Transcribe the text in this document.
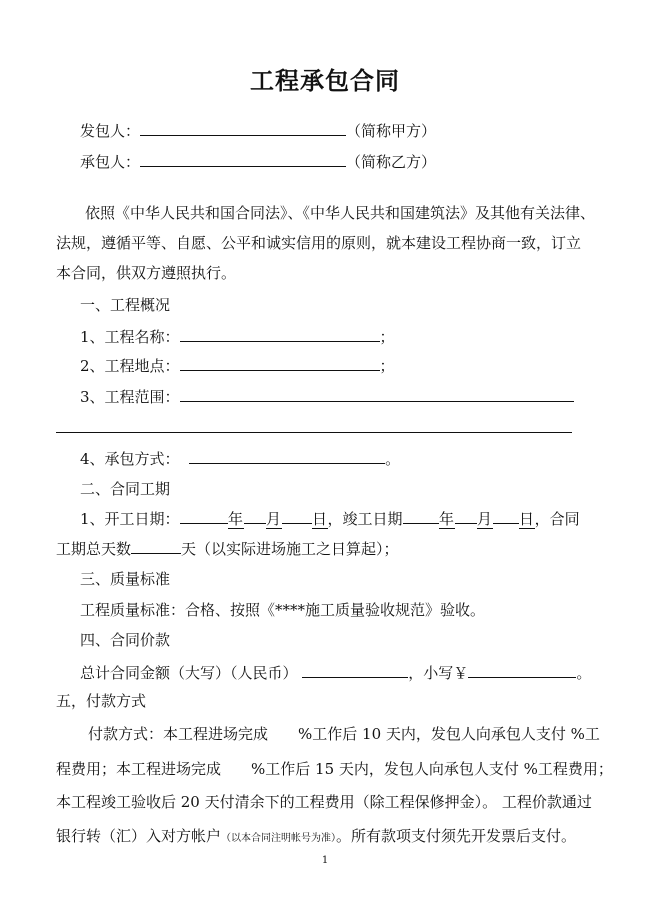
工程承包合同
发包人：	（简称甲方）
承包人：	（简称乙方）
依照《中华人民共和国合同法》、《中华人民共和国建筑法》及其他有关法律、
法规，遵循平等、自愿、公平和诚实信用的原则，就本建设工程协商一致，订立
本合同，供双方遵照执行。
一、工程概况
1、工程名称：	；
2、工程地点：	；
3、工程范围：
4、承包方式：	。
二、合同工期
1、开工日期：	年 月 日，竣工日期 年 月 日，合同
工期总天数	天（以实际进场施工之日算起）；
三、质量标准
工程质量标准：合格、按照《****施工质量验收规范》验收。
四、合同价款
总计合同金额（大写）（人民币）	，小写￥	。
五，付款方式
付款方式：本工程进场完成　　%工作后 10 天内，发包人向承包人支付 %工
程费用；本工程进场完成　　%工作后 15 天内，发包人向承包人支付 %工程费用；
本工程竣工验收后 20 天付清余下的工程费用（除工程保修押金）。 工程价款通过
银行转（汇）入对方帐户（以本合同注明帐号为准）。所有款项支付须先开发票后支付。
1
